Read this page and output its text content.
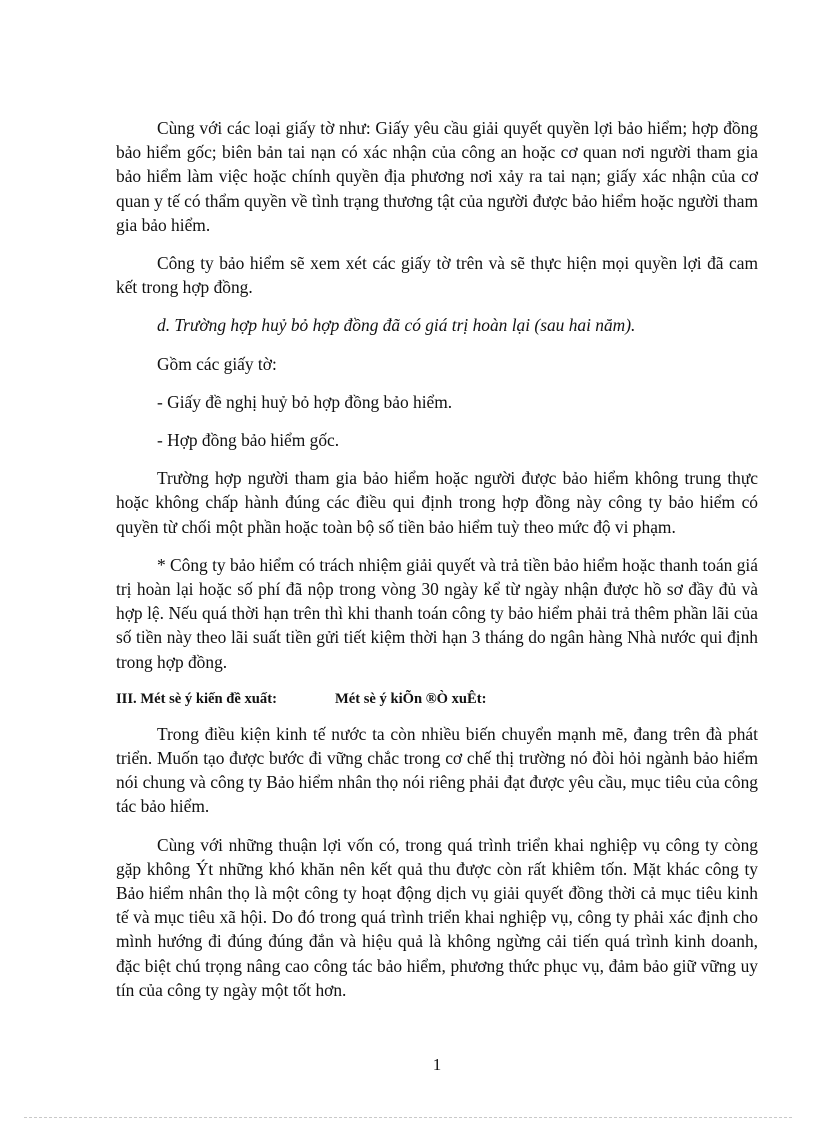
Cùng với các loại giấy tờ như: Giấy yêu cầu giải quyết quyền lợi bảo hiểm; hợp đồng bảo hiểm gốc; biên bản tai nạn có xác nhận của công an hoặc cơ quan nơi người tham gia bảo hiểm làm việc hoặc chính quyền địa phương nơi xảy ra tai nạn; giấy xác nhận của cơ quan y tế có thẩm quyền về tình trạng thương tật của người được bảo hiểm hoặc người tham gia bảo hiểm.

Công ty bảo hiểm sẽ xem xét các giấy tờ trên và sẽ thực hiện mọi quyền lợi đã cam kết trong hợp đồng.

d. Trường hợp huỷ bỏ hợp đồng đã có giá trị hoàn lại (sau hai năm).

Gồm các giấy tờ:

- Giấy đề nghị huỷ bỏ hợp đồng bảo hiểm.

- Hợp đồng bảo hiểm gốc.

Trường hợp người tham gia bảo hiểm hoặc người được bảo hiểm không trung thực hoặc không chấp hành đúng các điều qui định trong hợp đồng này công ty bảo hiểm có quyền từ chối một phần hoặc toàn bộ số tiền bảo hiểm tuỳ theo mức độ vi phạm.

* Công ty bảo hiểm có trách nhiệm giải quyết và trả tiền bảo hiểm hoặc thanh toán giá trị hoàn lại hoặc số phí đã nộp trong vòng 30 ngày kể từ ngày nhận được hồ sơ đầy đủ và hợp lệ. Nếu quá thời hạn trên thì khi thanh toán công ty bảo hiểm phải trả thêm phần lãi của số tiền này theo lãi suất tiền gửi tiết kiệm thời hạn 3 tháng do ngân hàng Nhà nước qui định trong hợp đồng.

III. Mét sè ý kiến đề xuất:	Mét sè ý kiÕn ®Ò xuÊt:

Trong điều kiện kinh tế nước ta còn nhiều biến chuyển mạnh mẽ, đang trên đà phát triển. Muốn tạo được bước đi vững chắc trong cơ chế thị trường nó đòi hỏi ngành bảo hiểm nói chung và công ty Bảo hiểm nhân thọ nói riêng phải đạt được yêu cầu, mục tiêu của công tác bảo hiểm.

Cùng với những thuận lợi vốn có, trong quá trình triển khai nghiệp vụ công ty còng gặp không Ýt những khó khăn nên kết quả thu được còn rất khiêm tốn. Mặt khác công ty Bảo hiểm nhân thọ là một công ty hoạt động dịch vụ giải quyết đồng thời cả mục tiêu kinh tế và mục tiêu xã hội. Do đó trong quá trình triển khai nghiệp vụ, công ty phải xác định cho mình hướng đi đúng đúng đắn và hiệu quả là không ngừng cải tiến quá trình kinh doanh, đặc biệt chú trọng nâng cao công tác bảo hiểm, phương thức phục vụ, đảm bảo giữ vững uy tín của công ty ngày một tốt hơn.

1
